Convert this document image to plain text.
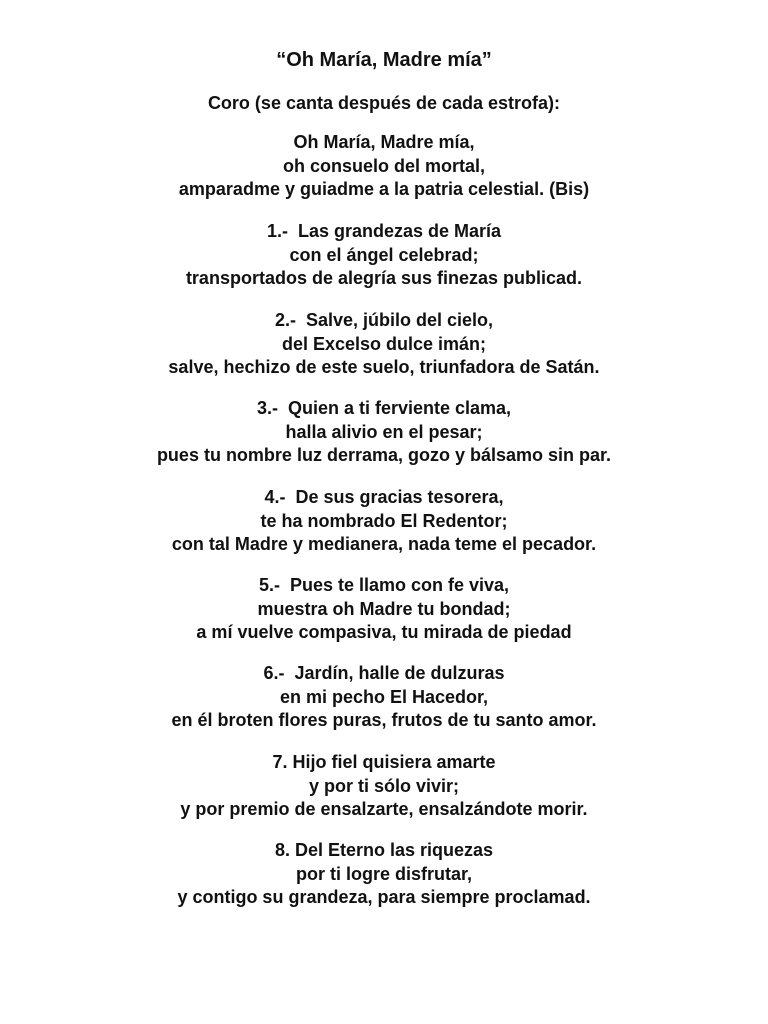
“Oh María, Madre mía”
Coro (se canta después de cada estrofa):
Oh María, Madre mía,
oh consuelo del mortal,
amparadme y guiadme a la patria celestial. (Bis)
1.-  Las grandezas de María
con el ángel celebrad;
transportados de alegría sus finezas publicad.
2.-  Salve, júbilo del cielo,
del Excelso dulce imán;
salve, hechizo de este suelo, triunfadora de Satán.
3.-  Quien a ti ferviente clama,
halla alivio en el pesar;
pues tu nombre luz derrama, gozo y bálsamo sin par.
4.-  De sus gracias tesorera,
te ha nombrado El Redentor;
con tal Madre y medianera, nada teme el pecador.
5.-  Pues te llamo con fe viva,
muestra oh Madre tu bondad;
a mí vuelve compasiva, tu mirada de piedad
6.-  Jardín, halle de dulzuras
en mi pecho El Hacedor,
en él broten flores puras, frutos de tu santo amor.
7. Hijo fiel quisiera amarte
y por ti sólo vivir;
y por premio de ensalzarte, ensalzándote morir.
8. Del Eterno las riquezas
por ti logre disfrutar,
y contigo su grandeza, para siempre proclamad.
